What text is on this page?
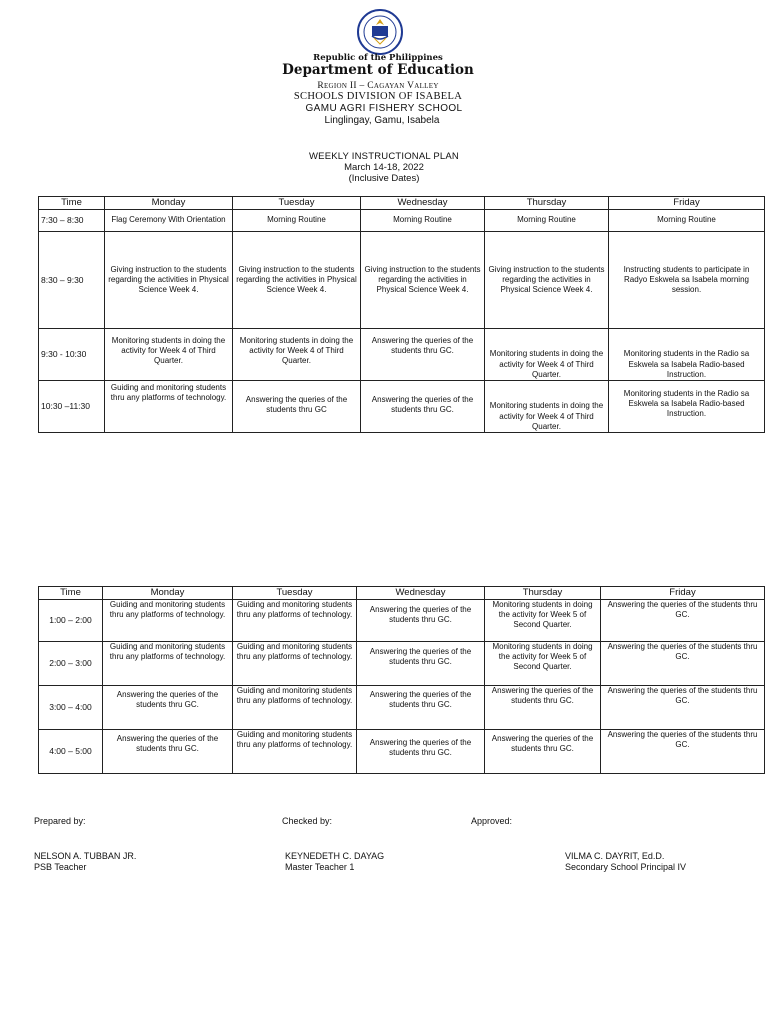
Republic of the Philippines
Department of Education
Region II – Cagayan Valley
SCHOOLS DIVISION OF ISABELA
GAMU AGRI FISHERY SCHOOL
Linglingay, Gamu, Isabela
WEEKLY INSTRUCTIONAL PLAN
March 14-18, 2022
(Inclusive Dates)
Time	Monday	Tuesday	Wednesday	Thursday	Friday
7:30 – 8:30	Flag Ceremony With Orientation	Morning Routine	Morning Routine	Morning Routine	Morning Routine
8:30 – 9:30	Giving instruction to the students regarding the activities in Physical Science Week 4.	Giving instruction to the students regarding the activities in Physical Science Week 4.	Giving instruction to the students regarding the activities in Physical Science Week 4.	Giving instruction to the students regarding the activities in Physical Science Week 4.	Instructing students to participate in Radyo Eskwela sa Isabela morning session.
9:30 - 10:30	Monitoring students in doing the activity for Week 4 of Third Quarter.	Monitoring students in doing the activity for Week 4 of Third Quarter.	Answering the queries of the students thru GC.	Monitoring students in doing the activity for Week 4 of Third Quarter.	Monitoring students in the Radio sa Eskwela sa Isabela Radio-based Instruction.
10:30 –11:30	Guiding and monitoring students thru any platforms of technology.	Answering the queries of the students thru GC	Answering the queries of the students thru GC.	Monitoring students in doing the activity for Week 4 of Third Quarter.	Monitoring students in the Radio sa Eskwela sa Isabela Radio-based Instruction.
Time	Monday	Tuesday	Wednesday	Thursday	Friday
1:00 – 2:00	Guiding and monitoring students thru any platforms of technology.	Guiding and monitoring students thru any platforms of technology.	Answering the queries of the students thru GC.	Monitoring students in doing the activity for Week 5 of Second Quarter.	Answering the queries of the students thru GC.
2:00 – 3:00	Guiding and monitoring students thru any platforms of technology.	Guiding and monitoring students thru any platforms of technology.	Answering the queries of the students thru GC.	Monitoring students in doing the activity for Week 5 of Second Quarter.	Answering the queries of the students thru GC.
3:00 – 4:00	Answering the queries of the students thru GC.	Guiding and monitoring students thru any platforms of technology.	Answering the queries of the students thru GC.	Answering the queries of the students thru GC.	Answering the queries of the students thru GC.
4:00 – 5:00	Answering the queries of the students thru GC.	Guiding and monitoring students thru any platforms of technology.	Answering the queries of the students thru GC.	Answering the queries of the students thru GC.	Answering the queries of the students thru GC.
Prepared by:	Checked by:	Approved:
NELSON A. TUBBAN JR.
PSB Teacher
KEYNEDETH C. DAYAG
Master Teacher 1
VILMA C. DAYRIT, Ed.D.
Secondary School Principal IV
